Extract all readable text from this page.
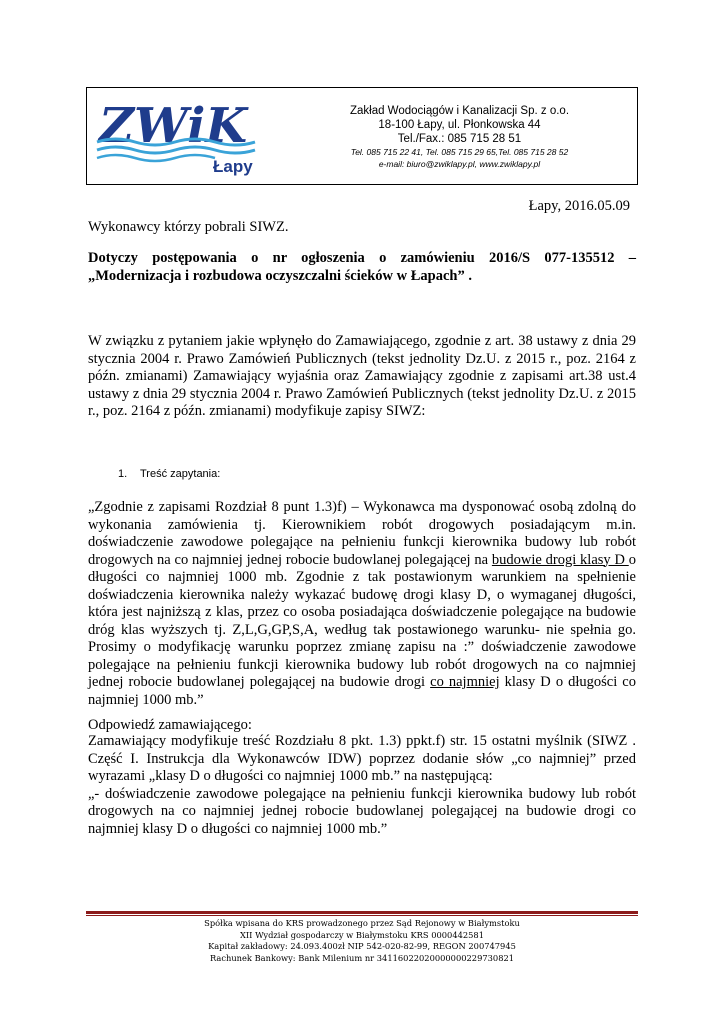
ZWiK
Łapy
Zakład Wodociągów i Kanalizacji Sp. z o.o.
18-100 Łapy, ul. Płonkowska 44
Tel./Fax.: 085 715 28 51
Tel. 085 715 22 41, Tel. 085 715 29 65,Tel. 085 715 28 52
e-mail: biuro@zwiklapy.pl, www.zwiklapy.pl
Łapy, 2016.05.09
Wykonawcy którzy pobrali SIWZ.
Dotyczy postępowania o nr ogłoszenia o zamówieniu 2016/S 077-135512 –
„Modernizacja i rozbudowa oczyszczalni ścieków w Łapach” .
W związku z pytaniem jakie wpłynęło do Zamawiającego, zgodnie z art. 38 ustawy z dnia 29 stycznia 2004 r. Prawo Zamówień Publicznych (tekst jednolity Dz.U. z 2015 r., poz. 2164 z późn. zmianami) Zamawiający wyjaśnia oraz Zamawiający zgodnie z zapisami art.38 ust.4 ustawy z dnia 29 stycznia 2004 r. Prawo Zamówień Publicznych (tekst jednolity Dz.U. z 2015 r., poz. 2164 z późn. zmianami) modyfikuje zapisy SIWZ:
1. Treść zapytania:
„Zgodnie z zapisami Rozdział 8 punt 1.3)f) – Wykonawca ma dysponować osobą zdolną do wykonania zamówienia tj. Kierownikiem robót drogowych posiadającym m.in. doświadczenie zawodowe polegające na pełnieniu funkcji kierownika budowy lub robót drogowych na co najmniej jednej robocie budowlanej polegającej na budowie drogi klasy D o długości co najmniej 1000 mb. Zgodnie z tak postawionym warunkiem na spełnienie doświadczenia kierownika należy wykazać budowę drogi klasy D, o wymaganej długości, która jest najniższą z klas, przez co osoba posiadająca doświadczenie polegające na budowie dróg klas wyższych tj. Z,L,G,GP,S,A, według tak postawionego warunku- nie spełnia go. Prosimy o modyfikację warunku poprzez zmianę zapisu na :” doświadczenie zawodowe polegające na pełnieniu funkcji kierownika budowy lub robót drogowych na co najmniej jednej robocie budowlanej polegającej na budowie drogi co najmniej klasy D o długości co najmniej 1000 mb.”
Odpowiedź zamawiającego:
Zamawiający modyfikuje treść Rozdziału 8 pkt. 1.3) ppkt.f) str. 15 ostatni myślnik (SIWZ . Część I. Instrukcja dla Wykonawców IDW) poprzez dodanie słów „co najmniej” przed wyrazami „klasy D o długości co najmniej 1000 mb.” na następującą:
„- doświadczenie zawodowe polegające na pełnieniu funkcji kierownika budowy lub robót drogowych na co najmniej jednej robocie budowlanej polegającej na budowie drogi co najmniej klasy D o długości co najmniej 1000 mb.”
Spółka wpisana do KRS prowadzonego przez Sąd Rejonowy w Białymstoku
XII Wydział gospodarczy w Białymstoku KRS 0000442581
Kapitał zakładowy: 24.093.400zł NIP 542-020-82-99, REGON 200747945
Rachunek Bankowy: Bank Milenium nr 34116022020000000229730821
